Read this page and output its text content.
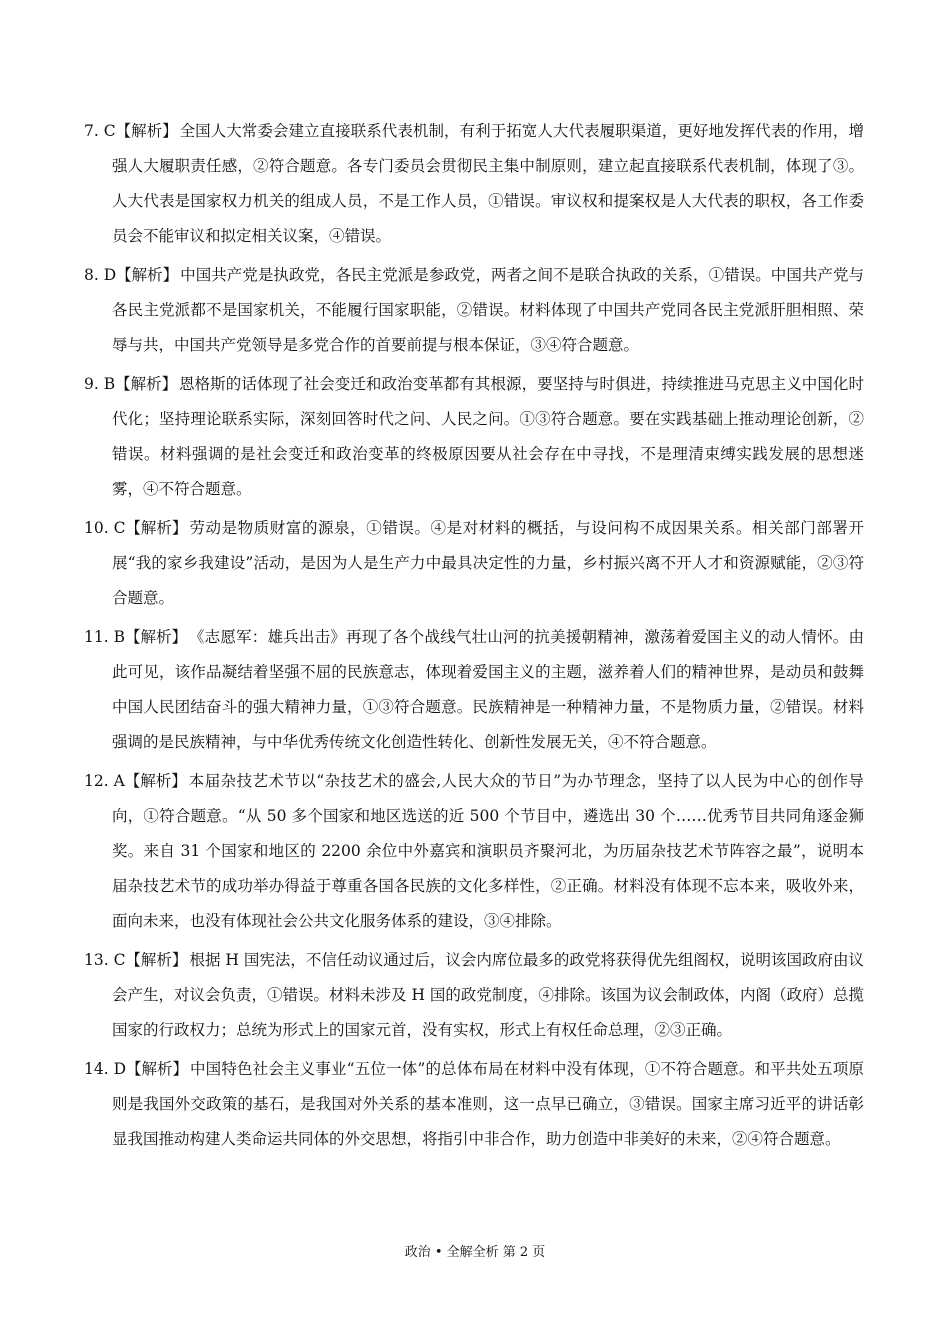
7. C【解析】 全国人大常委会建立直接联系代表机制，有利于拓宽人大代表履职渠道，更好地发挥代表的作用，增强人大履职责任感，②符合题意。各专门委员会贯彻民主集中制原则，建立起直接联系代表机制，体现了③。人大代表是国家权力机关的组成人员，不是工作人员，①错误。审议权和提案权是人大代表的职权，各工作委员会不能审议和拟定相关议案，④错误。
8. D【解析】 中国共产党是执政党，各民主党派是参政党，两者之间不是联合执政的关系，①错误。中国共产党与各民主党派都不是国家机关，不能履行国家职能，②错误。材料体现了中国共产党同各民主党派肝胆相照、荣辱与共，中国共产党领导是多党合作的首要前提与根本保证，③④符合题意。
9. B【解析】 恩格斯的话体现了社会变迁和政治变革都有其根源，要坚持与时俱进，持续推进马克思主义中国化时代化；坚持理论联系实际，深刻回答时代之问、人民之问。①③符合题意。要在实践基础上推动理论创新，②错误。材料强调的是社会变迁和政治变革的终极原因要从社会存在中寻找，不是理清束缚实践发展的思想迷雾，④不符合题意。
10. C【解析】 劳动是物质财富的源泉，①错误。④是对材料的概括，与设问构不成因果关系。相关部门部署开展“我的家乡我建设”活动，是因为人是生产力中最具决定性的力量，乡村振兴离不开人才和资源赋能，②③符合题意。
11. B【解析】 《志愿军：雄兵出击》再现了各个战线气壮山河的抗美援朝精神，激荡着爱国主义的动人情怀。由此可见，该作品凝结着坚强不屈的民族意志，体现着爱国主义的主题，滋养着人们的精神世界，是动员和鼓舞中国人民团结奋斗的强大精神力量，①③符合题意。民族精神是一种精神力量，不是物质力量，②错误。材料强调的是民族精神，与中华优秀传统文化创造性转化、创新性发展无关，④不符合题意。
12. A【解析】 本届杂技艺术节以“杂技艺术的盛会,人民大众的节日”为办节理念，坚持了以人民为中心的创作导向，①符合题意。“从 50 多个国家和地区选送的近 500 个节目中，遴选出 30 个……优秀节目共同角逐金狮奖。来自 31 个国家和地区的 2200 余位中外嘉宾和演职员齐聚河北，为历届杂技艺术节阵容之最”，说明本届杂技艺术节的成功举办得益于尊重各国各民族的文化多样性，②正确。材料没有体现不忘本来，吸收外来，面向未来，也没有体现社会公共文化服务体系的建设，③④排除。
13. C【解析】 根据 H 国宪法，不信任动议通过后，议会内席位最多的政党将获得优先组阁权，说明该国政府由议会产生，对议会负责，①错误。材料未涉及 H 国的政党制度，④排除。该国为议会制政体，内阁（政府）总揽国家的行政权力；总统为形式上的国家元首，没有实权，形式上有权任命总理，②③正确。
14. D【解析】 中国特色社会主义事业“五位一体”的总体布局在材料中没有体现，①不符合题意。和平共处五项原则是我国外交政策的基石，是我国对外关系的基本准则，这一点早已确立，③错误。国家主席习近平的讲话彰显我国推动构建人类命运共同体的外交思想，将指引中非合作，助力创造中非美好的未来，②④符合题意。
政治 • 全解全析 第 2 页
